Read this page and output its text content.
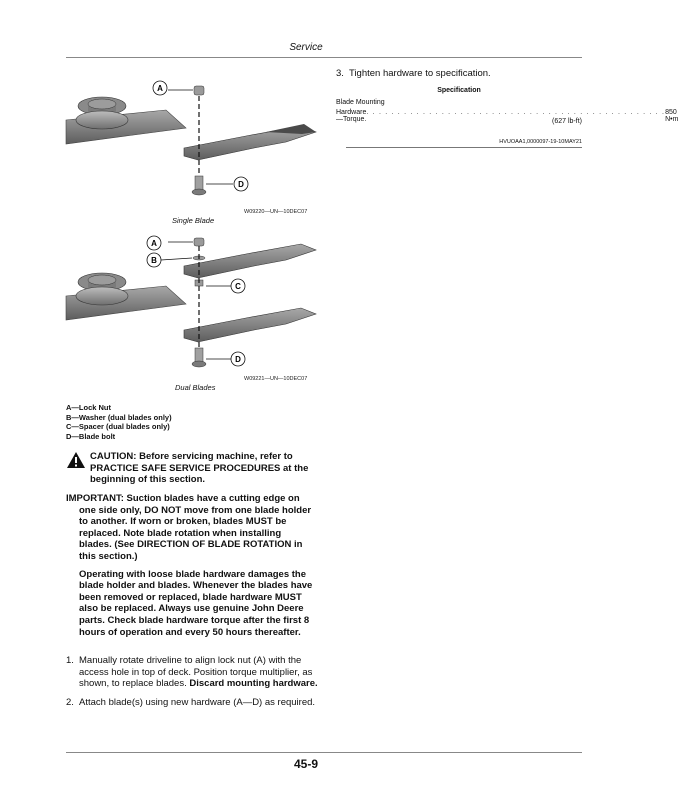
Service
A
D
W09220—UN—10DEC07
Single Blade
A
B
C
D
W09221—UN—10DEC07
Dual Blades
A—Lock Nut
B—Washer (dual blades only)
C—Spacer (dual blades only)
D—Blade bolt
CAUTION: Before servicing machine, refer to PRACTICE SAFE SERVICE PROCEDURES at the beginning of this section.
IMPORTANT: Suction blades have a cutting edge on
one side only, DO NOT move from one blade holder to another. If worn or broken, blades MUST be replaced. Note blade rotation when installing blades. (See DIRECTION OF BLADE ROTATION in this section.)
Operating with loose blade hardware damages the blade holder and blades. Whenever the blades have been removed or replaced, blade hardware MUST also be replaced. Always use genuine John Deere parts. Check blade hardware torque after the first 8 hours of operation and every 50 hours thereafter.
1. Manually rotate driveline to align lock nut (A) with the access hole in top of deck. Position torque multiplier, as shown, to replace blades. Discard mounting hardware.
2. Attach blade(s) using new hardware (A—D) as required.
3. Tighten hardware to specification.
Specification
Blade Mounting
Hardware—Torque.
. . . . . . . . . . . . . . . . . . . . . . . . . . . . . . . . . . . . . . . . . . . . . . . . 850 N•m
(627 lb-ft)
HVUOAA1,0000097-19-10MAY21
45-9
